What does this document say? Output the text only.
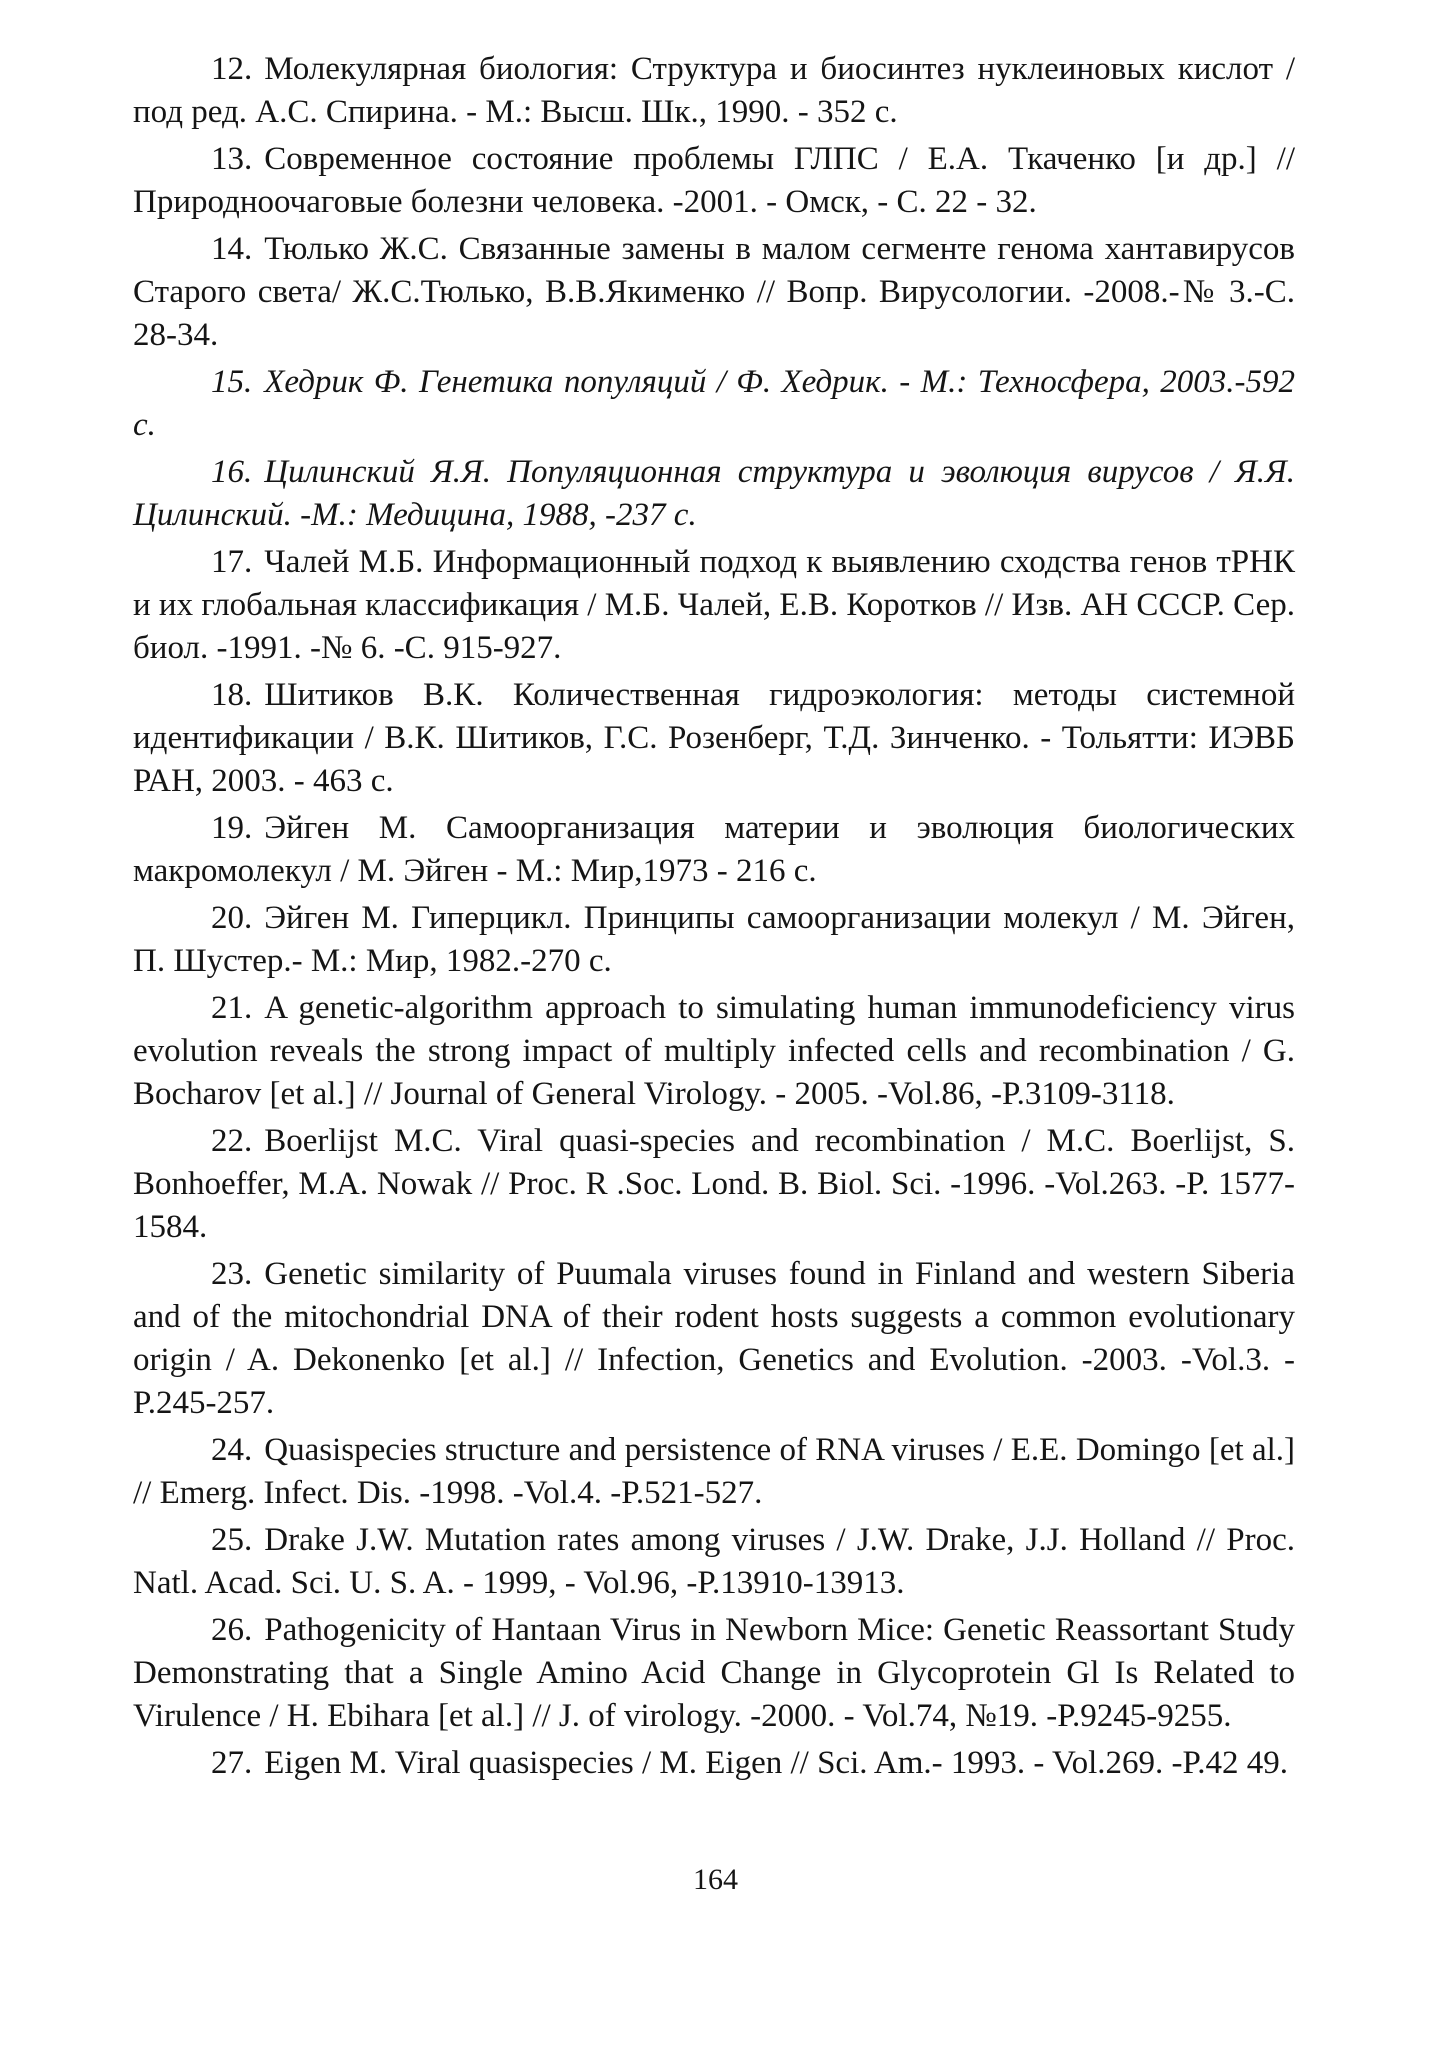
12. Молекулярная биология: Структура и биосинтез нуклеиновых кислот / под ред. А.С. Спирина. - М.: Высш. Шк., 1990. - 352 с.
13. Современное состояние проблемы ГЛПС / Е.А. Ткаченко [и др.] // Природноочаговые болезни человека. -2001. - Омск, - С. 22 - 32.
14. Тюлько Ж.С. Связанные замены в малом сегменте генома хантавирусов Старого света/ Ж.С.Тюлько, В.В.Якименко // Вопр. Вирусологии. -2008.-№ 3.-С. 28-34.
15. Хедрик Ф. Генетика популяций / Ф. Хедрик. - М.: Техносфера, 2003.-592 с.
16. Цилинский Я.Я. Популяционная структура и эволюция вирусов / Я.Я. Цилинский. -М.: Медицина, 1988, -237 с.
17. Чалей М.Б. Информационный подход к выявлению сходства генов тРНК и их глобальная классификация / М.Б. Чалей, Е.В. Коротков // Изв. АН СССР. Сер. биол. -1991. -№ 6. -С. 915-927.
18. Шитиков В.К. Количественная гидроэкология: методы системной идентификации / В.К. Шитиков, Г.С. Розенберг, Т.Д. Зинченко. - Тольятти: ИЭВБ РАН, 2003. - 463 с.
19. Эйген М. Самоорганизация материи и эволюция биологических макромолекул / М. Эйген - М.: Мир,1973 - 216 с.
20. Эйген М. Гиперцикл. Принципы самоорганизации молекул / М. Эйген, П. Шустер.- М.: Мир, 1982.-270 с.
21. A genetic-algorithm approach to simulating human immunodeficiency virus evolution reveals the strong impact of multiply infected cells and recombination / G. Bocharov [et al.] // Journal of General Virology. - 2005. -Vol.86, -P.3109-3118.
22. Boerlijst M.C. Viral quasi-species and recombination / M.C. Boerlijst, S. Bonhoeffer, M.A. Nowak // Proc. R .Soc. Lond. B. Biol. Sci. -1996. -Vol.263. -P. 1577-1584.
23. Genetic similarity of Puumala viruses found in Finland and western Siberia and of the mitochondrial DNA of their rodent hosts suggests a common evolutionary origin / A. Dekonenko [et al.] // Infection, Genetics and Evolution. -2003. -Vol.3. -P.245-257.
24. Quasispecies structure and persistence of RNA viruses / E.E. Domingo [et al.] // Emerg. Infect. Dis. -1998. -Vol.4. -P.521-527.
25. Drake J.W. Mutation rates among viruses / J.W. Drake, J.J. Holland // Proc. Natl. Acad. Sci. U. S. A. - 1999, - Vol.96, -P.13910-13913.
26. Pathogenicity of Hantaan Virus in Newborn Mice: Genetic Reassortant Study Demonstrating that a Single Amino Acid Change in Glycoprotein Gl Is Related to Virulence / H. Ebihara [et al.] // J. of virology. -2000. - Vol.74, №19. -P.9245-9255.
27. Eigen M. Viral quasispecies / M. Eigen // Sci. Am.- 1993. - Vol.269. -P.42 49.
164
